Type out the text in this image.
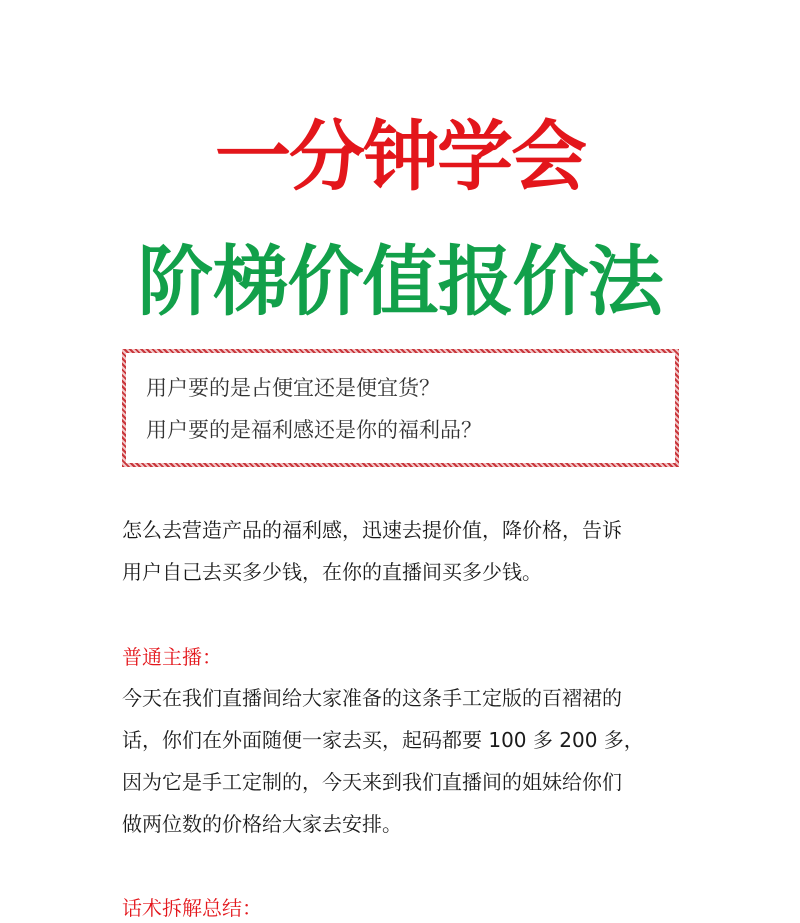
一分钟学会
阶梯价值报价法
用户要的是占便宜还是便宜货？
用户要的是福利感还是你的福利品？
怎么去营造产品的福利感，迅速去提价值，降价格，告诉
用户自己去买多少钱，在你的直播间买多少钱。
普通主播：
今天在我们直播间给大家准备的这条手工定版的百褶裙的
话，你们在外面随便一家去买，起码都要 100 多 200 多，
因为它是手工定制的，今天来到我们直播间的姐妹给你们
做两位数的价格给大家去安排。
话术拆解总结：
